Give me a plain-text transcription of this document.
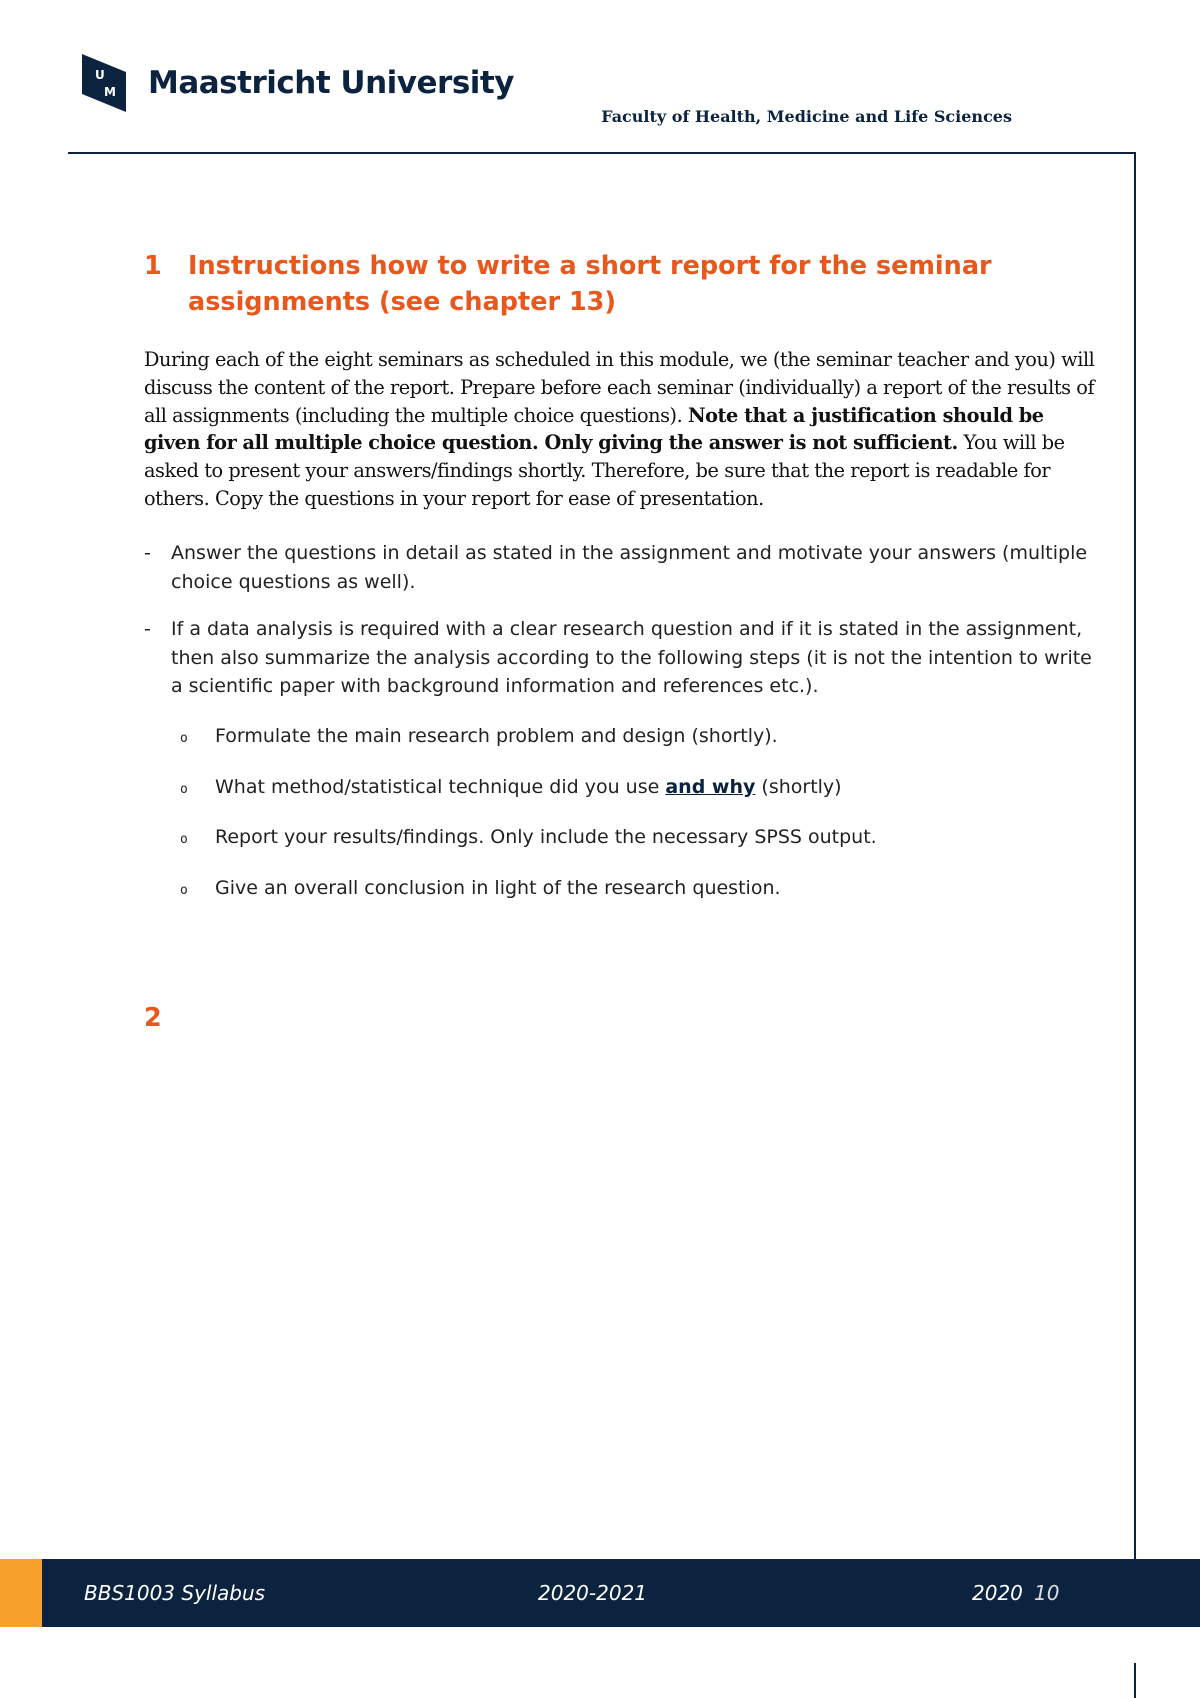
U
M Maastricht University
Faculty of Health, Medicine and Life Sciences
1	Instructions how to write a short report for the seminar assignments (see chapter 13)
During each of the eight seminars as scheduled in this module, we (the seminar teacher and you) will discuss the content of the report. Prepare before each seminar (individually) a report of the results of all assignments (including the multiple choice questions). Note that a justification should be given for all multiple choice question. Only giving the answer is not sufficient. You will be asked to present your answers/findings shortly. Therefore, be sure that the report is readable for others. Copy the questions in your report for ease of presentation.
-	Answer the questions in detail as stated in the assignment and motivate your answers (multiple choice questions as well).
-	If a data analysis is required with a clear research question and if it is stated in the assignment, then also summarize the analysis according to the following steps (it is not the intention to write a scientific paper with background information and references etc.).
o	Formulate the main research problem and design (shortly).
o	What method/statistical technique did you use and why (shortly)
o	Report your results/findings. Only include the necessary SPSS output.
o	Give an overall conclusion in light of the research question.
2
BBS1003 Syllabus	2020-2021	2020 10
